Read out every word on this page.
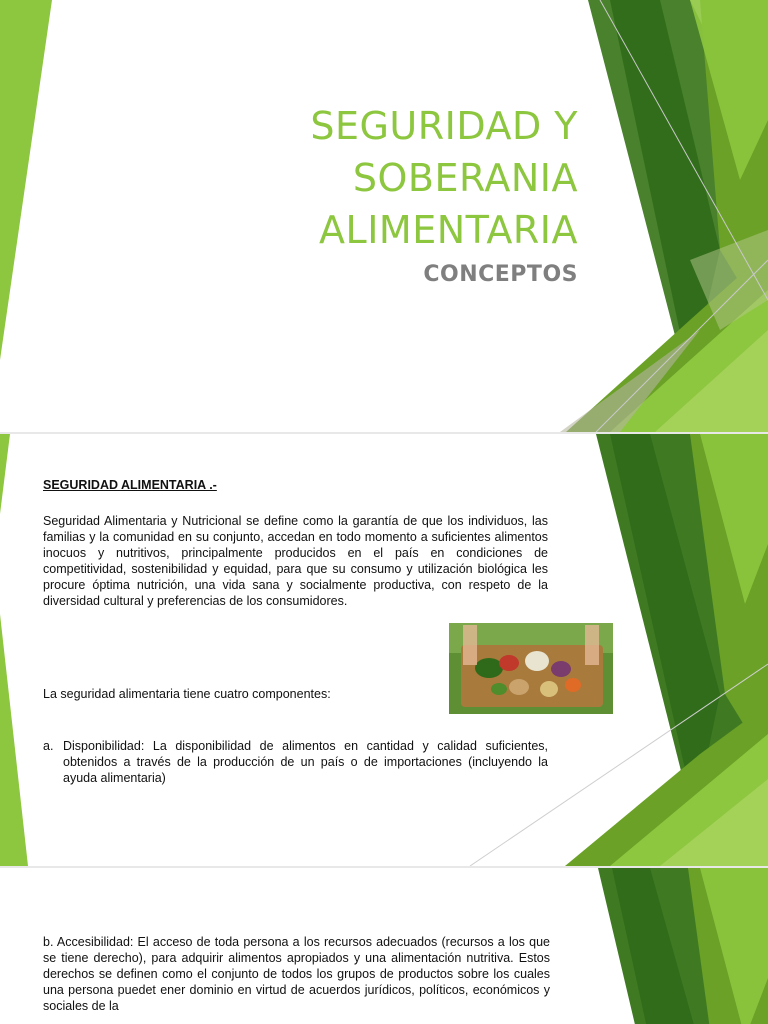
SEGURIDAD Y
SOBERANIA
ALIMENTARIA
CONCEPTOS
SEGURIDAD ALIMENTARIA .-
Seguridad Alimentaria y Nutricional se define como la garantía de que los individuos, las familias y la comunidad en su conjunto, accedan en todo momento a suficientes alimentos inocuos y nutritivos, principalmente producidos en el país en condiciones de competitividad, sostenibilidad y equidad, para que su consumo y utilización biológica les procure óptima nutrición, una vida sana y socialmente productiva, con respeto de la diversidad cultural y preferencias de los consumidores.
La seguridad alimentaria tiene cuatro componentes:
a. Disponibilidad: La disponibilidad de alimentos en cantidad y calidad suficientes, obtenidos a través de la producción de un país o de importaciones (incluyendo la ayuda alimentaria)
b. Accesibilidad: El acceso de toda persona a los recursos adecuados (recursos a los que se tiene derecho), para adquirir alimentos apropiados y una alimentación nutritiva. Estos derechos se definen como el conjunto de todos los grupos de productos sobre los cuales una persona puedet ener dominio en virtud de acuerdos jurídicos, políticos, económicos y sociales de la
